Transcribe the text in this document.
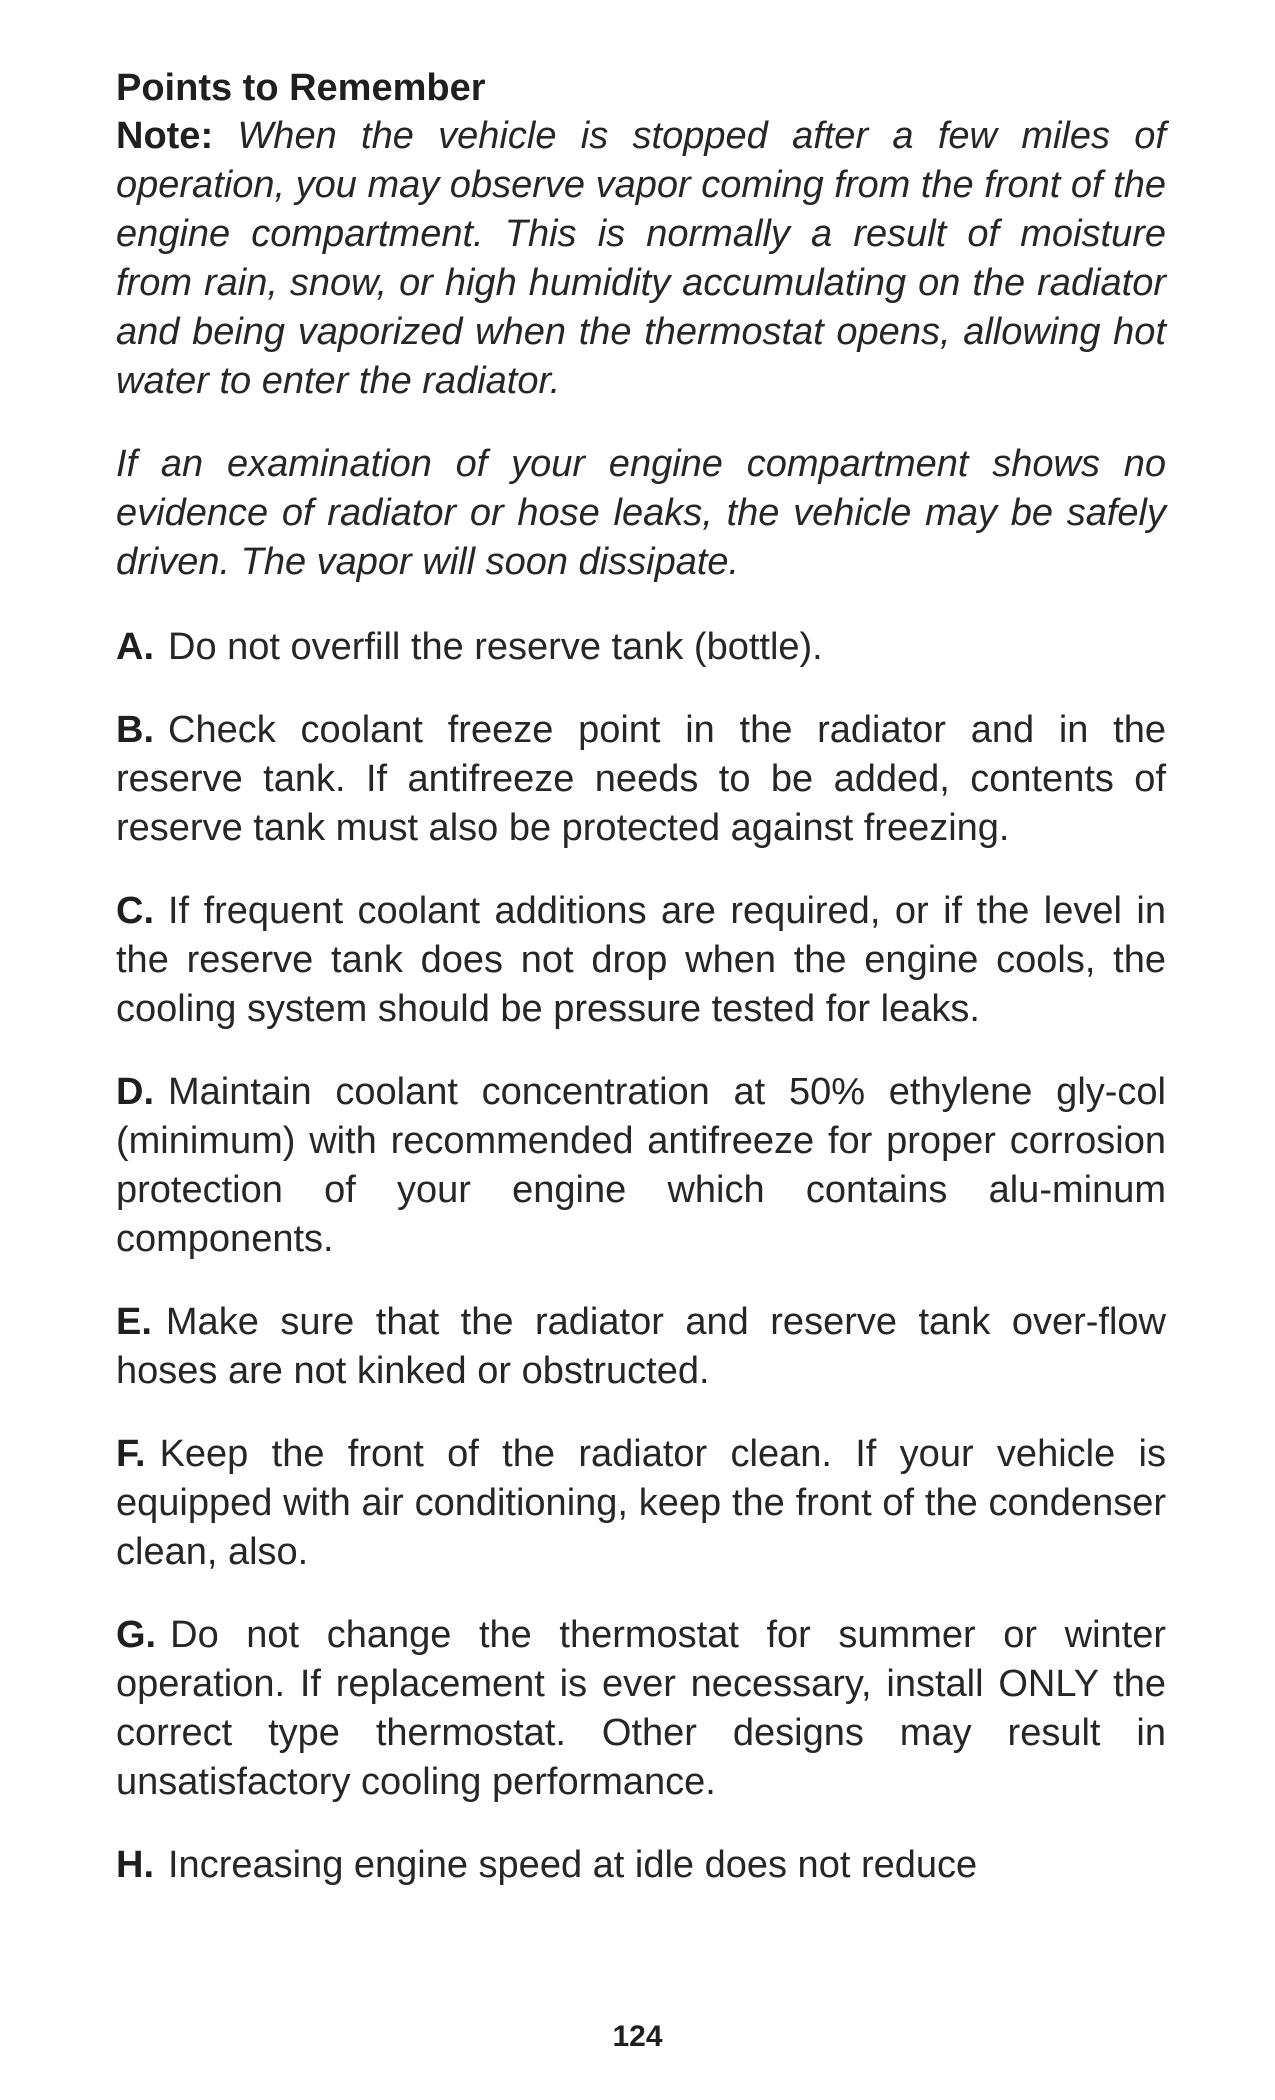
Points to Remember

Note: When the vehicle is stopped after a few miles of operation, you may observe vapor coming from the front of the engine compartment. This is normally a result of moisture from rain, snow, or high humidity accumulating on the radiator and being vaporized when the thermostat opens, allowing hot water to enter the radiator.

If an examination of your engine compartment shows no evidence of radiator or hose leaks, the vehicle may be safely driven. The vapor will soon dissipate.

A. Do not overfill the reserve tank (bottle).

B. Check coolant freeze point in the radiator and in the reserve tank. If antifreeze needs to be added, contents of reserve tank must also be protected against freezing.

C. If frequent coolant additions are required, or if the level in the reserve tank does not drop when the engine cools, the cooling system should be pressure tested for leaks.

D. Maintain coolant concentration at 50% ethylene gly-col (minimum) with recommended antifreeze for proper corrosion protection of your engine which contains alu-minum components.

E. Make sure that the radiator and reserve tank over-flow hoses are not kinked or obstructed.

F. Keep the front of the radiator clean. If your vehicle is equipped with air conditioning, keep the front of the condenser clean, also.

G. Do not change the thermostat for summer or winter operation. If replacement is ever necessary, install ONLY the correct type thermostat. Other designs may result in unsatisfactory cooling performance.

H. Increasing engine speed at idle does not reduce

124
